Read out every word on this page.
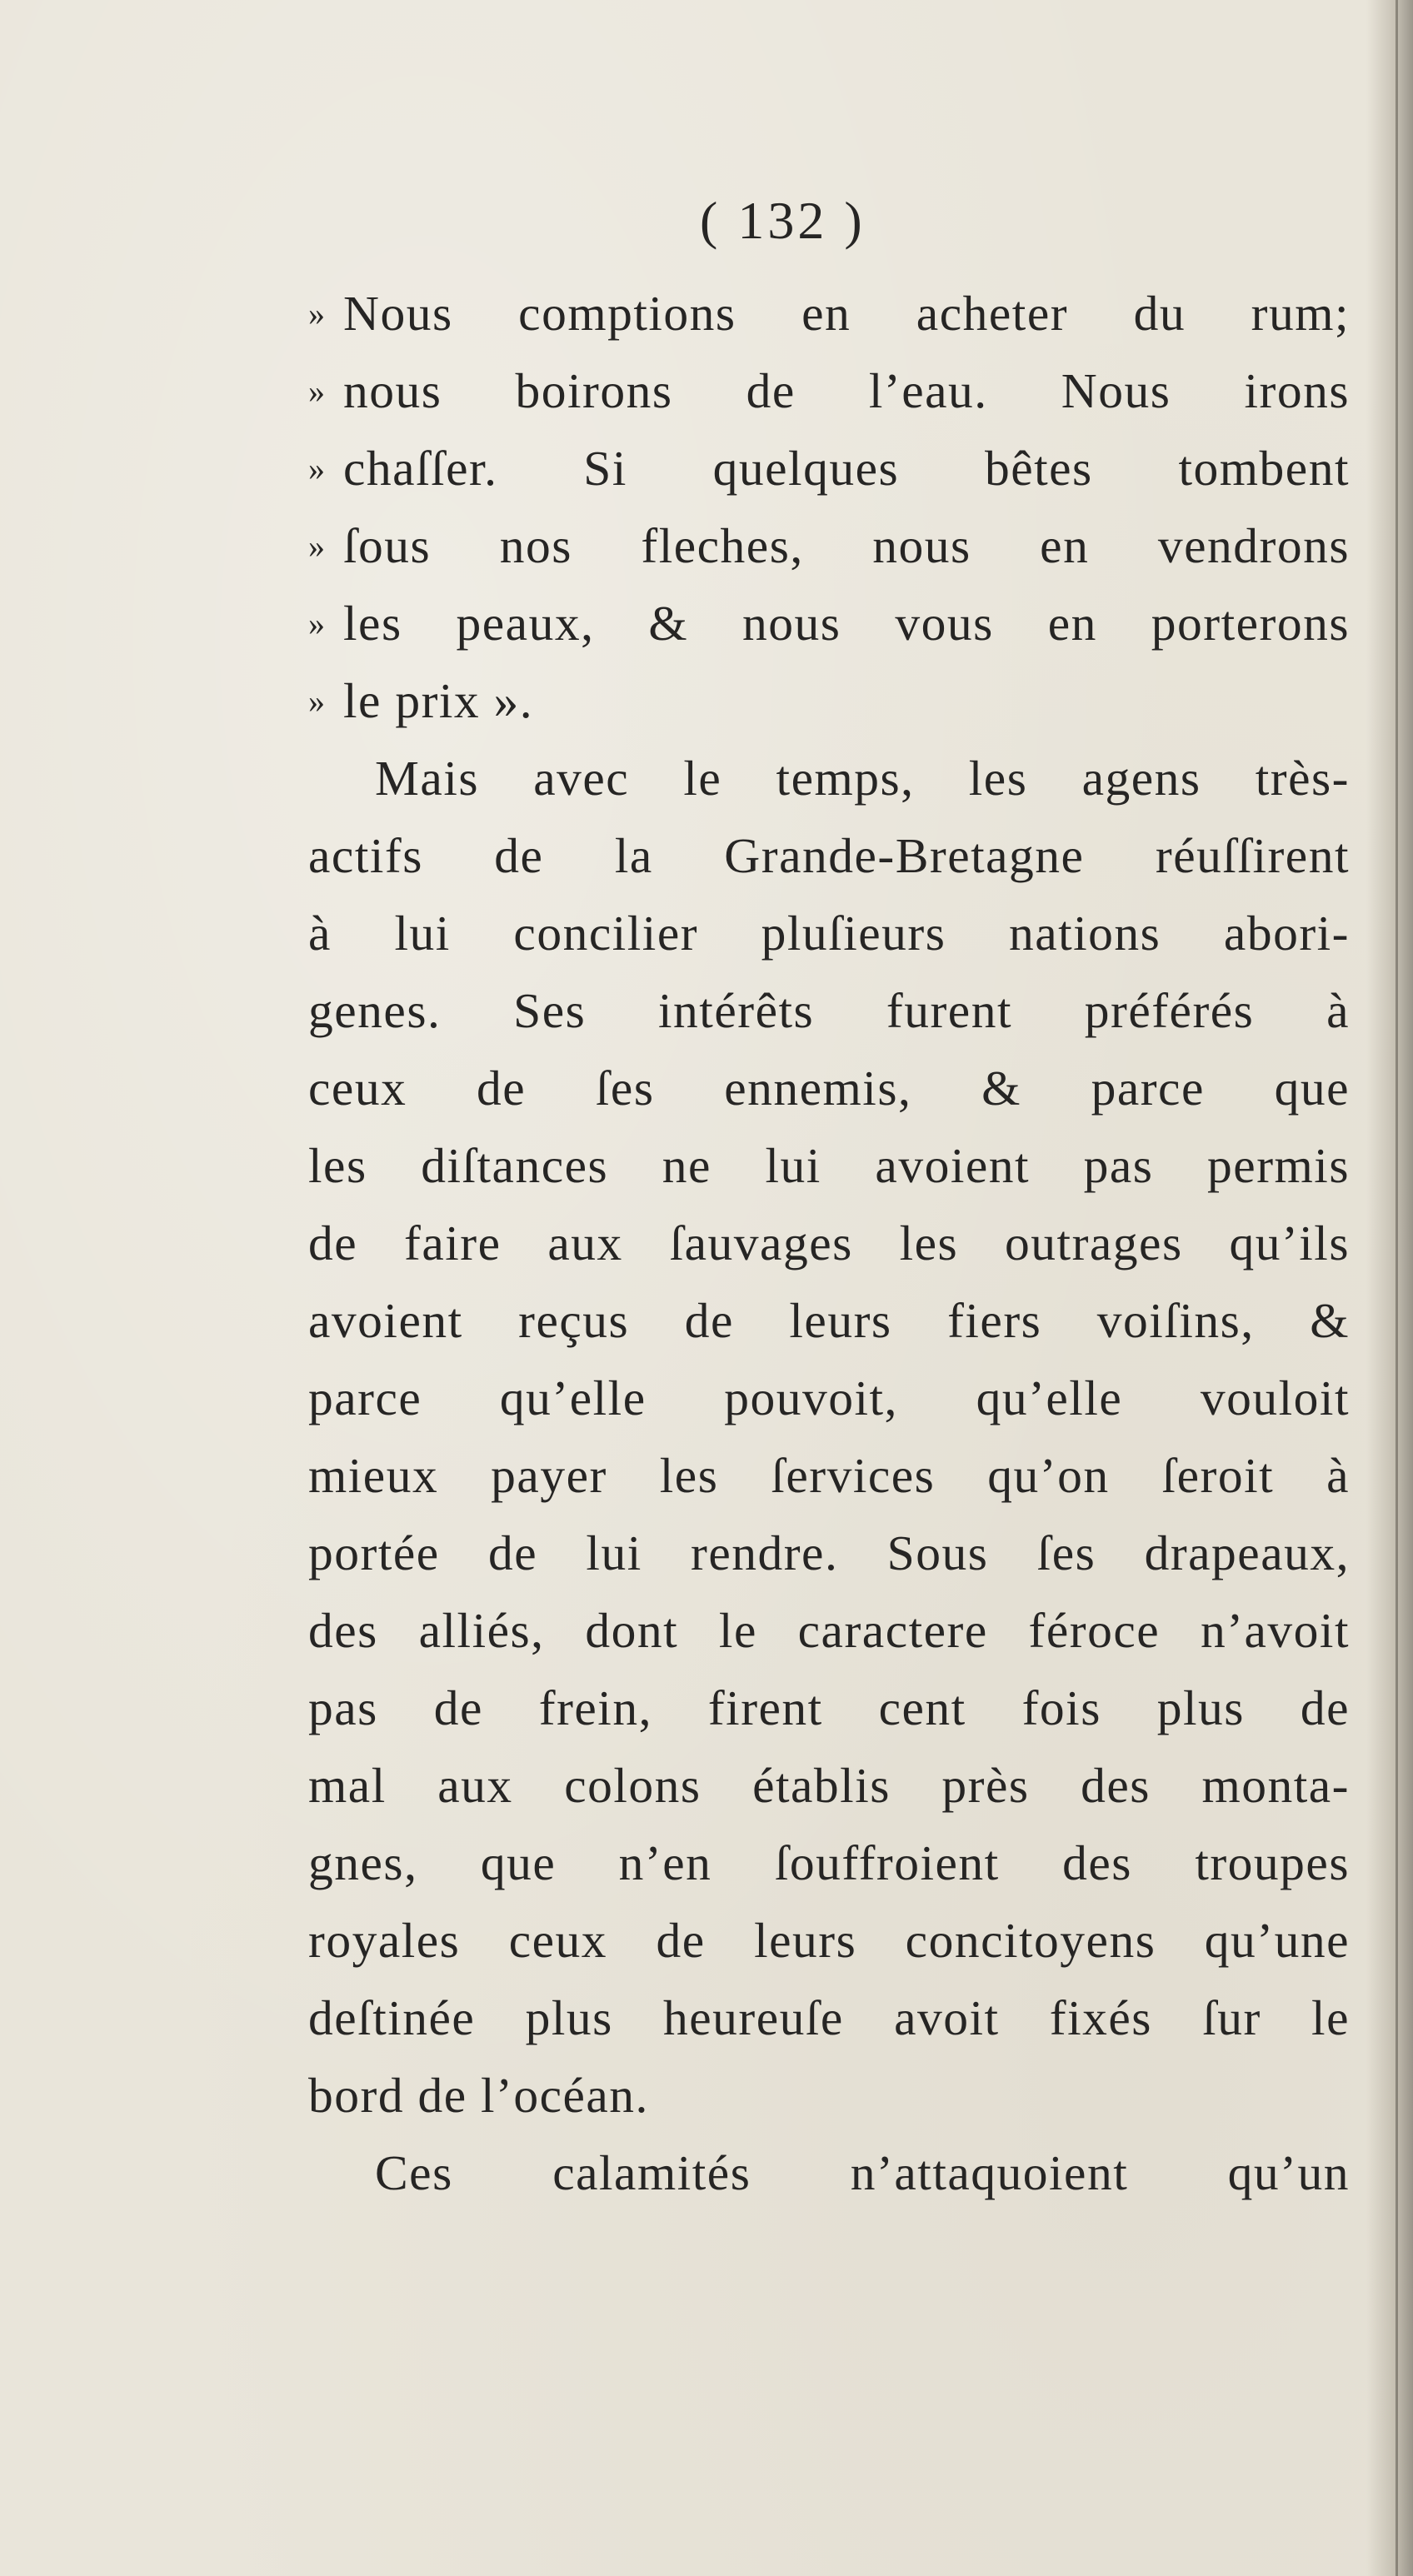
( 132 )
» Nous comptions en acheter du rum;
» nous boirons de l’eau. Nous irons
» chaſſer. Si quelques bêtes tombent
» ſous nos fleches, nous en vendrons
» les peaux, & nous vous en porterons
» le prix ».
Mais avec le temps, les agens très-
actifs de la Grande-Bretagne réuſſirent
à lui concilier pluſieurs nations abori-
genes. Ses intérêts furent préférés à
ceux de ſes ennemis, & parce que
les diſtances ne lui avoient pas permis
de faire aux ſauvages les outrages qu’ils
avoient reçus de leurs fiers voiſins, &
parce qu’elle pouvoit, qu’elle vouloit
mieux payer les ſervices qu’on ſeroit à
portée de lui rendre. Sous ſes drapeaux,
des alliés, dont le caractere féroce n’avoit
pas de frein, firent cent fois plus de
mal aux colons établis près des monta-
gnes, que n’en ſouffroient des troupes
royales ceux de leurs concitoyens qu’une
deſtinée plus heureuſe avoit fixés ſur le
bord de l’océan.
Ces calamités n’attaquoient qu’un
